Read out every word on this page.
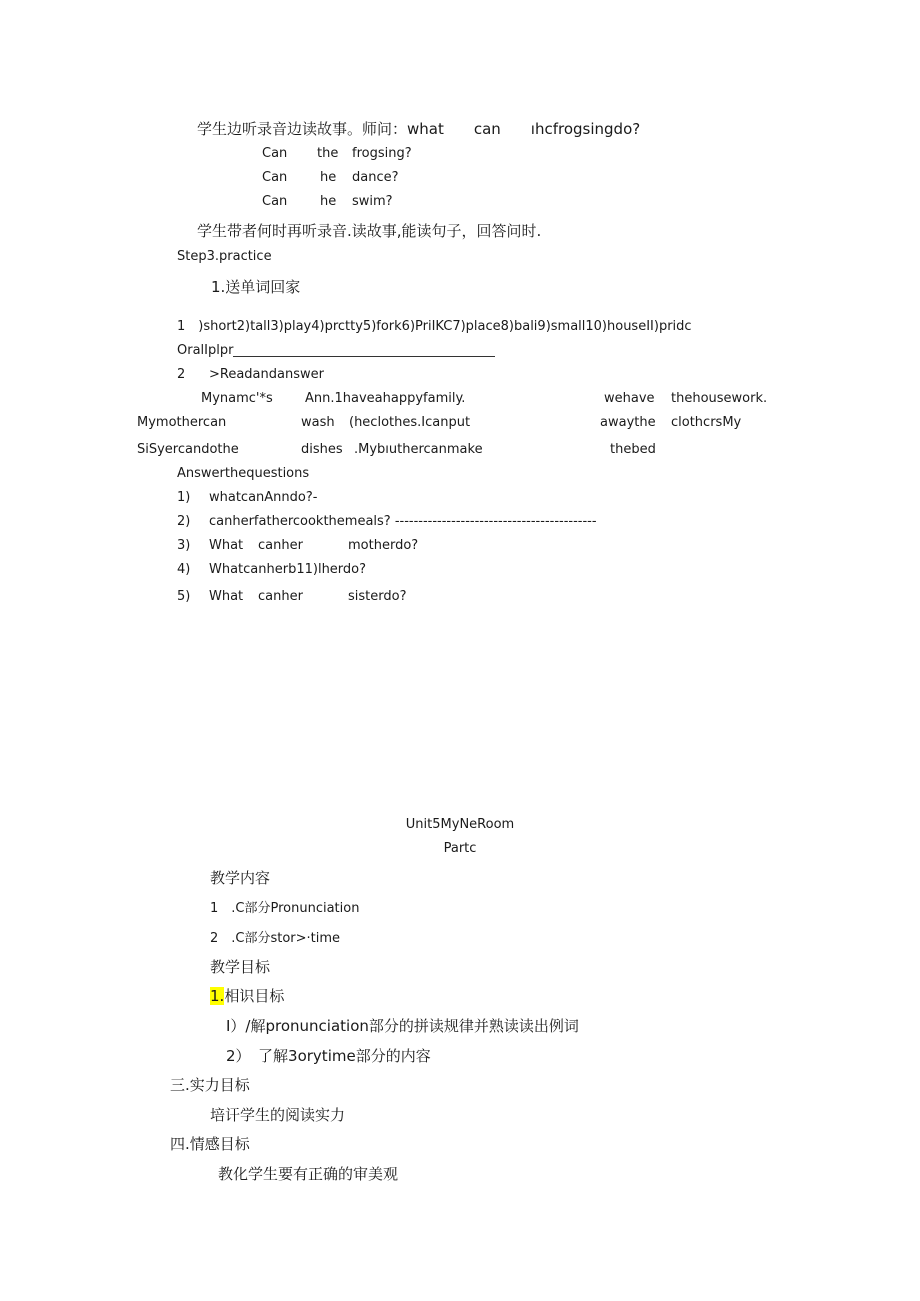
学生边听录音边读故事。师问：what　　can　　ıhcfrogsingdo?
Can the frogsing?
Can	he dance?
Can	he swim?
学生带者何时再听录音.读故事,能读句子，回答问时.
Step3.practice
1.送单词回家
1　)short2)tall3)play4)prctty5)fork6)PriIKC7)place8)bali9)small10)houseII)pridc
OralIplpr
2 >Readandanswer
Mynamc'*s Ann.1haveahappyfamily.	wehave thehousework.
Mymothercan	wash (heclothes.Icanput	awaythe clothcrsMy
SiSyercandothe	dishes .Mybıuthercanmake	thebed
Answerthequestions
1) whatcanAnndo?-
2) canherfathercookthemeals? -------------------------------------------
3) What canher	motherdo?
4) Whatcanherb11)lherdo?
5) What canher	sisterdo?
Unit5MyNeRoom
Partc
教学内容
1　.C部分Pronunciation
2　.C部分stor>·time
教学目标
1.相识目标
I）/解pronunciation部分的拼读规律并熟读读出例词
2）　了解3orytime部分的内容
三.实力目标
培讦学生的阅读实力
四.情感目标
教化学生要有正确的审美观
